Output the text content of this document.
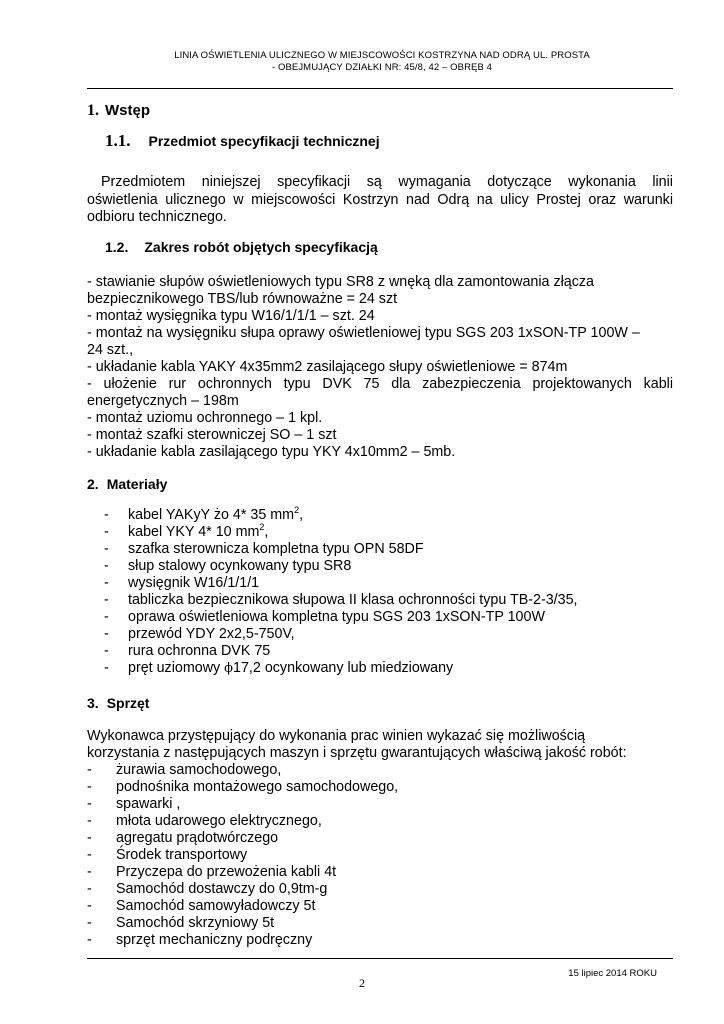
LINIA OŚWIETLENIA ULICZNEGO W MIEJSCOWOŚCI KOSTRZYNA NAD ODRĄ UL. PROSTA
- OBEJMUJĄCY DZIAŁKI NR: 45/8, 42 – OBRĘB 4
1. Wstęp
1.1. Przedmiot specyfikacji technicznej
Przedmiotem niniejszej specyfikacji są wymagania dotyczące wykonania linii
oświetlenia ulicznego w miejscowości Kostrzyn nad Odrą na ulicy Prostej oraz warunki
odbioru technicznego.
1.2. Zakres robót objętych specyfikacją
- stawianie słupów oświetleniowych typu SR8 z wnęką dla zamontowania złącza
bezpiecznikowego TBS/lub równoważne = 24 szt
- montaż wysięgnika typu W16/1/1/1 – szt. 24
- montaż na wysięgniku słupa oprawy oświetleniowej typu SGS 203 1xSON-TP 100W –
24 szt.,
- układanie kabla YAKY 4x35mm2 zasilającego słupy oświetleniowe = 874m
- ułożenie rur ochronnych typu DVK 75 dla zabezpieczenia projektowanych kabli
energetycznych – 198m
- montaż uziomu ochronnego – 1 kpl.
- montaż szafki sterowniczej SO – 1 szt
- układanie kabla zasilającego typu YKY 4x10mm2 – 5mb.
2. Materiały
- kabel YAKyY żo 4* 35 $mm^2$,
- kabel YKY 4* 10 $mm^2$,
- szafka sterownicza kompletna typu OPN 58DF
- słup stalowy ocynkowany typu SR8
- wysięgnik W16/1/1/1
- tabliczka bezpiecznikowa słupowa II klasa ochronności typu TB-2-3/35,
- oprawa oświetleniowa kompletna typu SGS 203 1xSON-TP 100W
- przewód YDY 2x2,5-750V,
- rura ochronna DVK 75
- pręt uziomowy ϕ17,2 ocynkowany lub miedziowany
3. Sprzęt
Wykonawca przystępujący do wykonania prac winien wykazać się możliwością
korzystania z następujących maszyn i sprzętu gwarantujących właściwą jakość robót:
- żurawia samochodowego,
- podnośnika montażowego samochodowego,
- spawarki ,
- młota udarowego elektrycznego,
- agregatu prądotwórczego
- Środek transportowy
- Przyczepa do przewożenia kabli 4t
- Samochód dostawczy do 0,9tm-g
- Samochód samowyładowczy 5t
- Samochód skrzyniowy 5t
- sprzęt mechaniczny podręczny
15 lipiec 2014 ROKU
2
